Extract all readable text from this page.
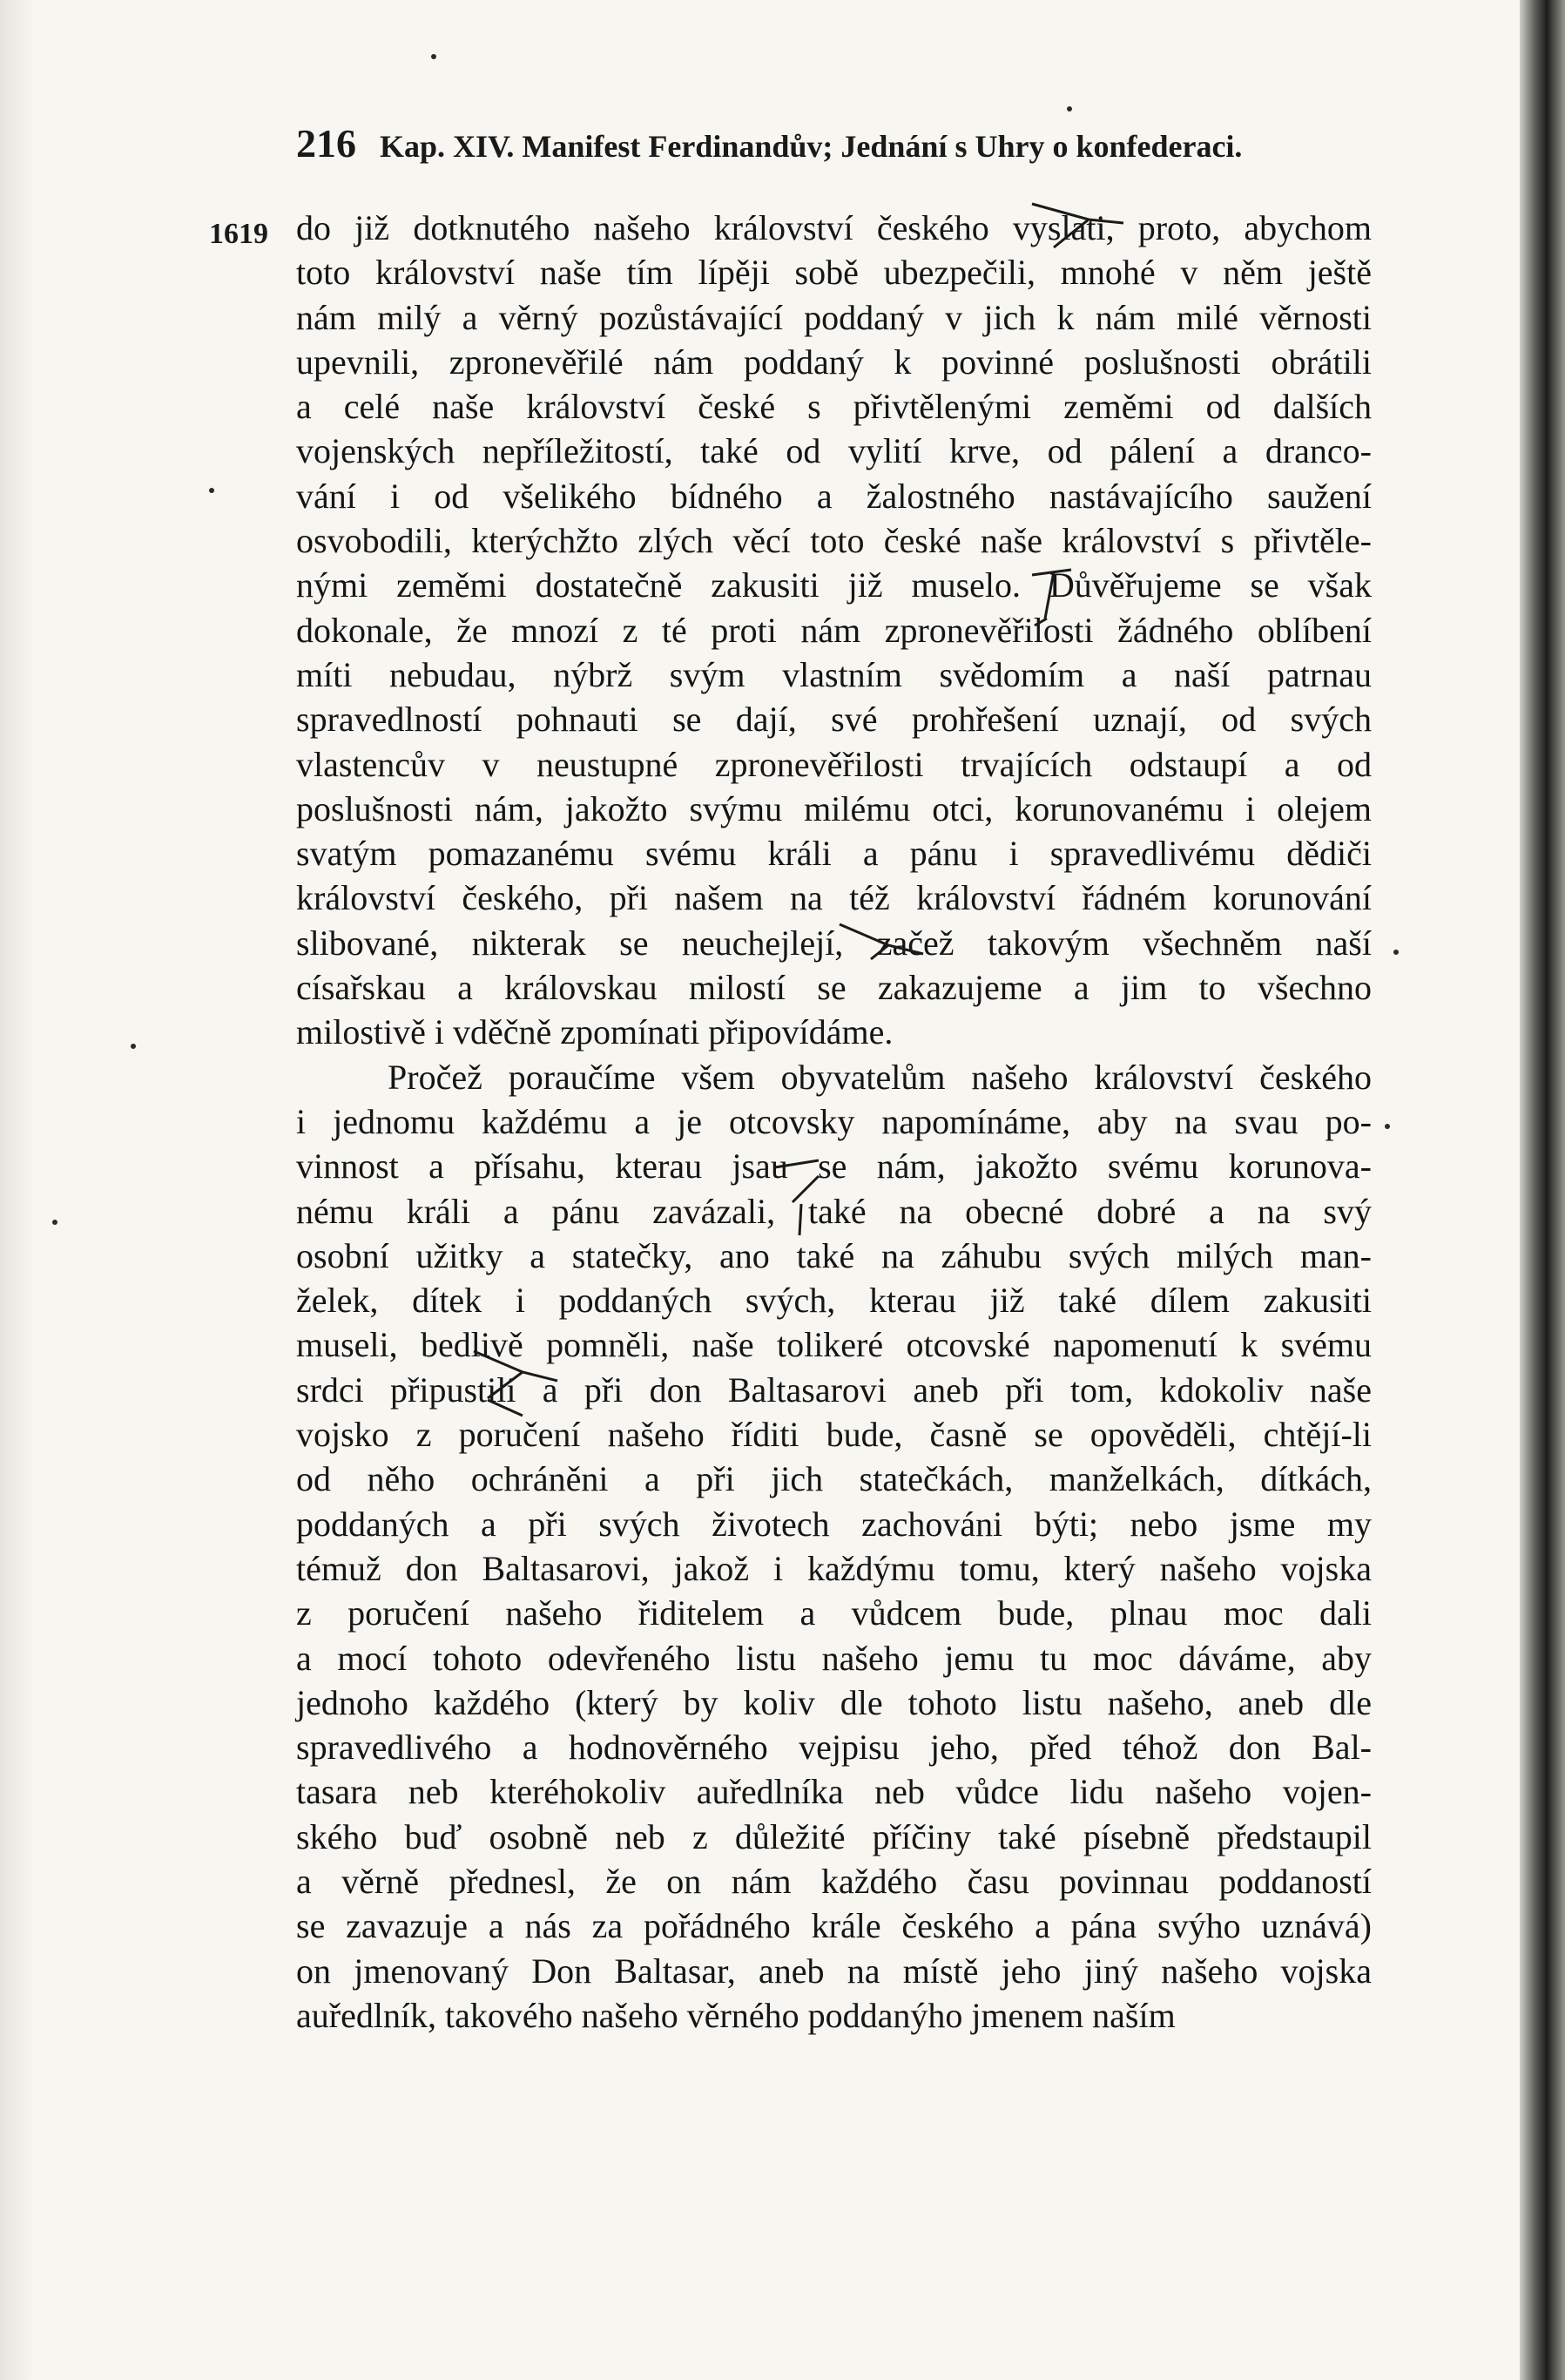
216 Kap. XIV. Manifest Ferdinandův; Jednání s Uhry o konfederaci.
1619 do již dotknutého našeho království českého vyslati, proto, abychom
toto království naše tím lípěji sobě ubezpečili, mnohé v něm ještě
nám milý a věrný pozůstávající poddaný v jich k nám milé věrnosti
upevnili, zpronevěřilé nám poddaný k povinné poslušnosti obrátili
a celé naše království české s přivtělenými zeměmi od dalších
vojenských nepříležitostí, také od vylití krve, od pálení a dranco-
vání i od všelikého bídného a žalostného nastávajícího saužení
osvobodili, kterýchžto zlých věcí toto české naše království s přivtěle-
nými zeměmi dostatečně zakusiti již muselo. Důvěřujeme se však
dokonale, že mnozí z té proti nám zpronevěřilosti žádného oblíbení
míti nebudau, nýbrž svým vlastním svědomím a naší patrnau
spravedlností pohnauti se dají, své prohřešení uznají, od svých
vlastencův v neustupné zpronevěřilosti trvajících odstaupí a od
poslušnosti nám, jakožto svýmu milému otci, korunovanému i olejem
svatým pomazanému svému králi a pánu i spravedlivému dědiči
království českého, při našem na též království řádném korunování
slibované, nikterak se neuchejlejí, začež takovým všechněm naší
císařskau a královskau milostí se zakazujeme a jim to všechno
milostivě i vděčně zpomínati připovídáme.
Pročež poraučíme všem obyvatelům našeho království českého
i jednomu každému a je otcovsky napomínáme, aby na svau po-
vinnost a přísahu, kterau jsau se nám, jakožto svému korunova-
nému králi a pánu zavázali, také na obecné dobré a na svý
osobní užitky a statečky, ano také na záhubu svých milých man-
želek, dítek i poddaných svých, kterau již také dílem zakusiti
museli, bedlivě pomněli, naše tolikeré otcovské napomenutí k svému
srdci připustili a při don Baltasarovi aneb při tom, kdokoliv naše
vojsko z poručení našeho říditi bude, časně se opověděli, chtějí-li
od něho ochráněni a při jich statečkách, manželkách, dítkách,
poddaných a při svých životech zachováni býti; nebo jsme my
témuž don Baltasarovi, jakož i každýmu tomu, který našeho vojska
z poručení našeho řiditelem a vůdcem bude, plnau moc dali
a mocí tohoto odevřeného listu našeho jemu tu moc dáváme, aby
jednoho každého (který by koliv dle tohoto listu našeho, aneb dle
spravedlivého a hodnověrného vejpisu jeho, před téhož don Bal-
tasara neb kteréhokoliv auředlníka neb vůdce lidu našeho vojen-
ského buď osobně neb z důležité příčiny také písebně předstaupil
a věrně přednesl, že on nám každého času povinnau poddaností
se zavazuje a nás za pořádného krále českého a pána svýho uznává)
on jmenovaný Don Baltasar, aneb na místě jeho jiný našeho vojska
auředlník, takového našeho věrného poddanýho jmenem naším
